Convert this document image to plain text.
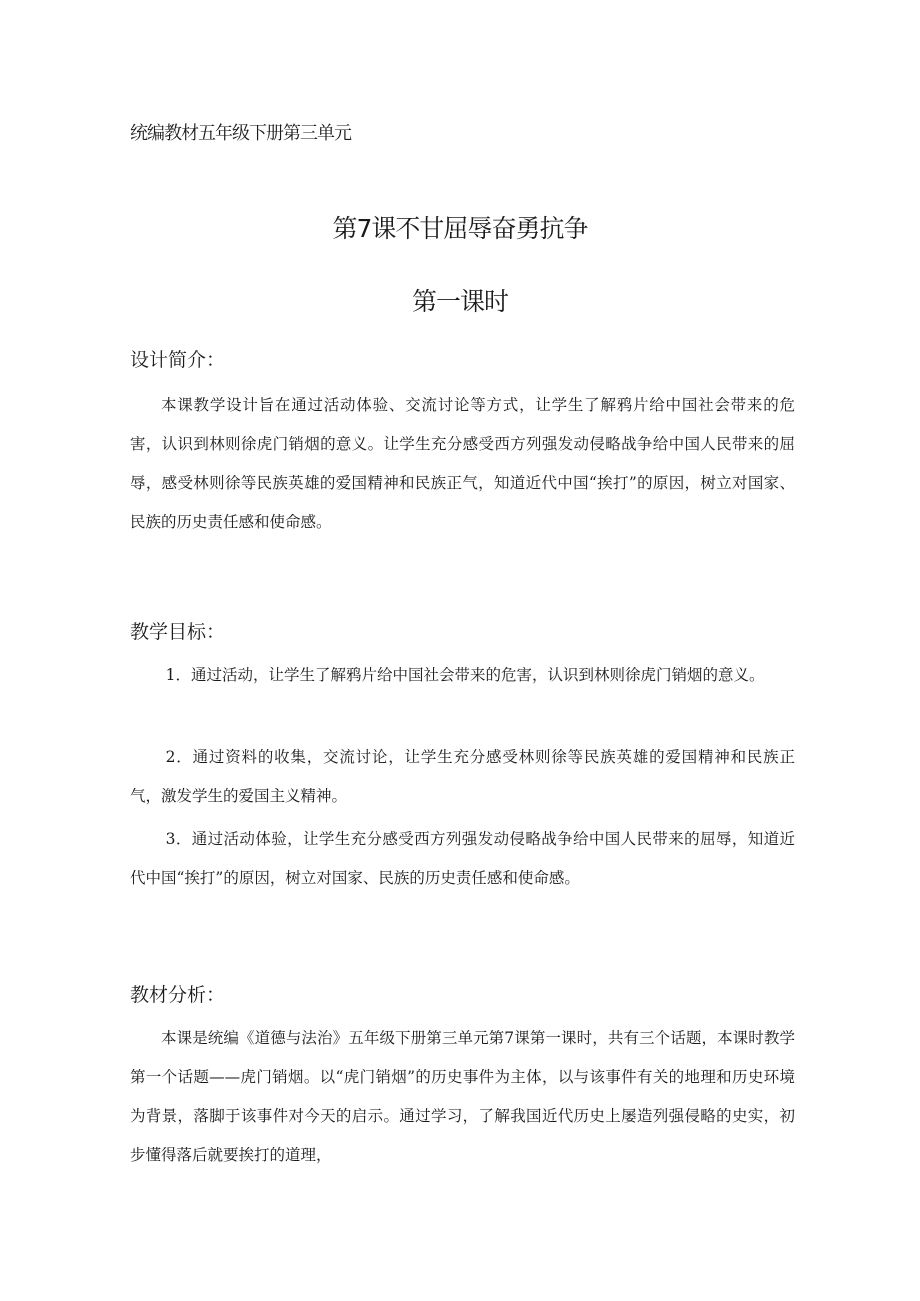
统编教材五年级下册第三单元
第7课不甘屈辱奋勇抗争
第一课时
设计简介：

本课教学设计旨在通过活动体验、交流讨论等方式，让学生了解鸦片给中国社会带来的危害，认识到林则徐虎门销烟的意义。让学生充分感受西方列强发动侵略战争给中国人民带来的屈辱，感受林则徐等民族英雄的爱国精神和民族正气，知道近代中国“挨打”的原因，树立对国家、民族的历史责任感和使命感。

教学目标：

1．通过活动，让学生了解鸦片给中国社会带来的危害，认识到林则徐虎门销烟的意义。

2．通过资料的收集，交流讨论，让学生充分感受林则徐等民族英雄的爱国精神和民族正气，激发学生的爱国主义精神。

3．通过活动体验，让学生充分感受西方列强发动侵略战争给中国人民带来的屈辱，知道近代中国“挨打”的原因，树立对国家、民族的历史责任感和使命感。

教材分析：

本课是统编《道德与法治》五年级下册第三单元第7课第一课时，共有三个话题，本课时教学第一个话题——虎门销烟。以“虎门销烟”的历史事件为主体，以与该事件有关的地理和历史环境为背景，落脚于该事件对今天的启示。通过学习，了解我国近代历史上屡造列强侵略的史实，初步懂得落后就要挨打的道理，
